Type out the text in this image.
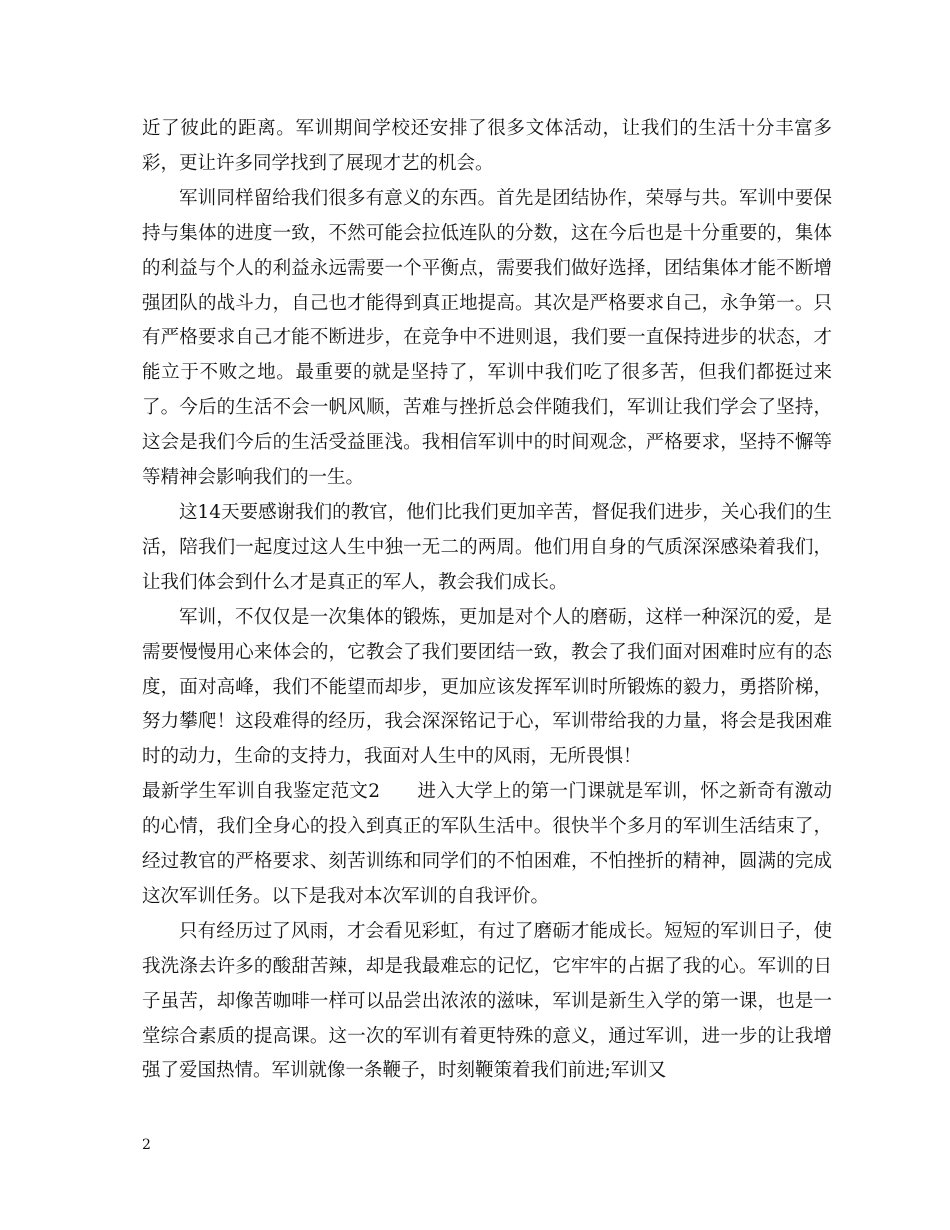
近了彼此的距离。军训期间学校还安排了很多文体活动，让我们的生活十分丰富多彩，更让许多同学找到了展现才艺的机会。

军训同样留给我们很多有意义的东西。首先是团结协作，荣辱与共。军训中要保持与集体的进度一致，不然可能会拉低连队的分数，这在今后也是十分重要的，集体的利益与个人的利益永远需要一个平衡点，需要我们做好选择，团结集体才能不断增强团队的战斗力，自己也才能得到真正地提高。其次是严格要求自己，永争第一。只有严格要求自己才能不断进步，在竞争中不进则退，我们要一直保持进步的状态，才能立于不败之地。最重要的就是坚持了，军训中我们吃了很多苦，但我们都挺过来了。今后的生活不会一帆风顺，苦难与挫折总会伴随我们，军训让我们学会了坚持，这会是我们今后的生活受益匪浅。我相信军训中的时间观念，严格要求，坚持不懈等等精神会影响我们的一生。

这14天要感谢我们的教官，他们比我们更加辛苦，督促我们进步，关心我们的生活，陪我们一起度过这人生中独一无二的两周。他们用自身的气质深深感染着我们，让我们体会到什么才是真正的军人，教会我们成长。

军训，不仅仅是一次集体的锻炼，更加是对个人的磨砺，这样一种深沉的爱，是需要慢慢用心来体会的，它教会了我们要团结一致，教会了我们面对困难时应有的态度，面对高峰，我们不能望而却步，更加应该发挥军训时所锻炼的毅力，勇搭阶梯，努力攀爬！这段难得的经历，我会深深铭记于心，军训带给我的力量，将会是我困难时的动力，生命的支持力，我面对人生中的风雨，无所畏惧！

最新学生军训自我鉴定范文2 进入大学上的第一门课就是军训，怀之新奇有激动的心情，我们全身心的投入到真正的军队生活中。很快半个多月的军训生活结束了，经过教官的严格要求、刻苦训练和同学们的不怕困难，不怕挫折的精神，圆满的完成这次军训任务。以下是我对本次军训的自我评价。

只有经历过了风雨，才会看见彩虹，有过了磨砺才能成长。短短的军训日子，使我洗涤去许多的酸甜苦辣，却是我最难忘的记忆，它牢牢的占据了我的心。军训的日子虽苦，却像苦咖啡一样可以品尝出浓浓的滋味，军训是新生入学的第一课，也是一堂综合素质的提高课。这一次的军训有着更特殊的意义，通过军训，进一步的让我增强了爱国热情。军训就像一条鞭子，时刻鞭策着我们前进;军训又

2
